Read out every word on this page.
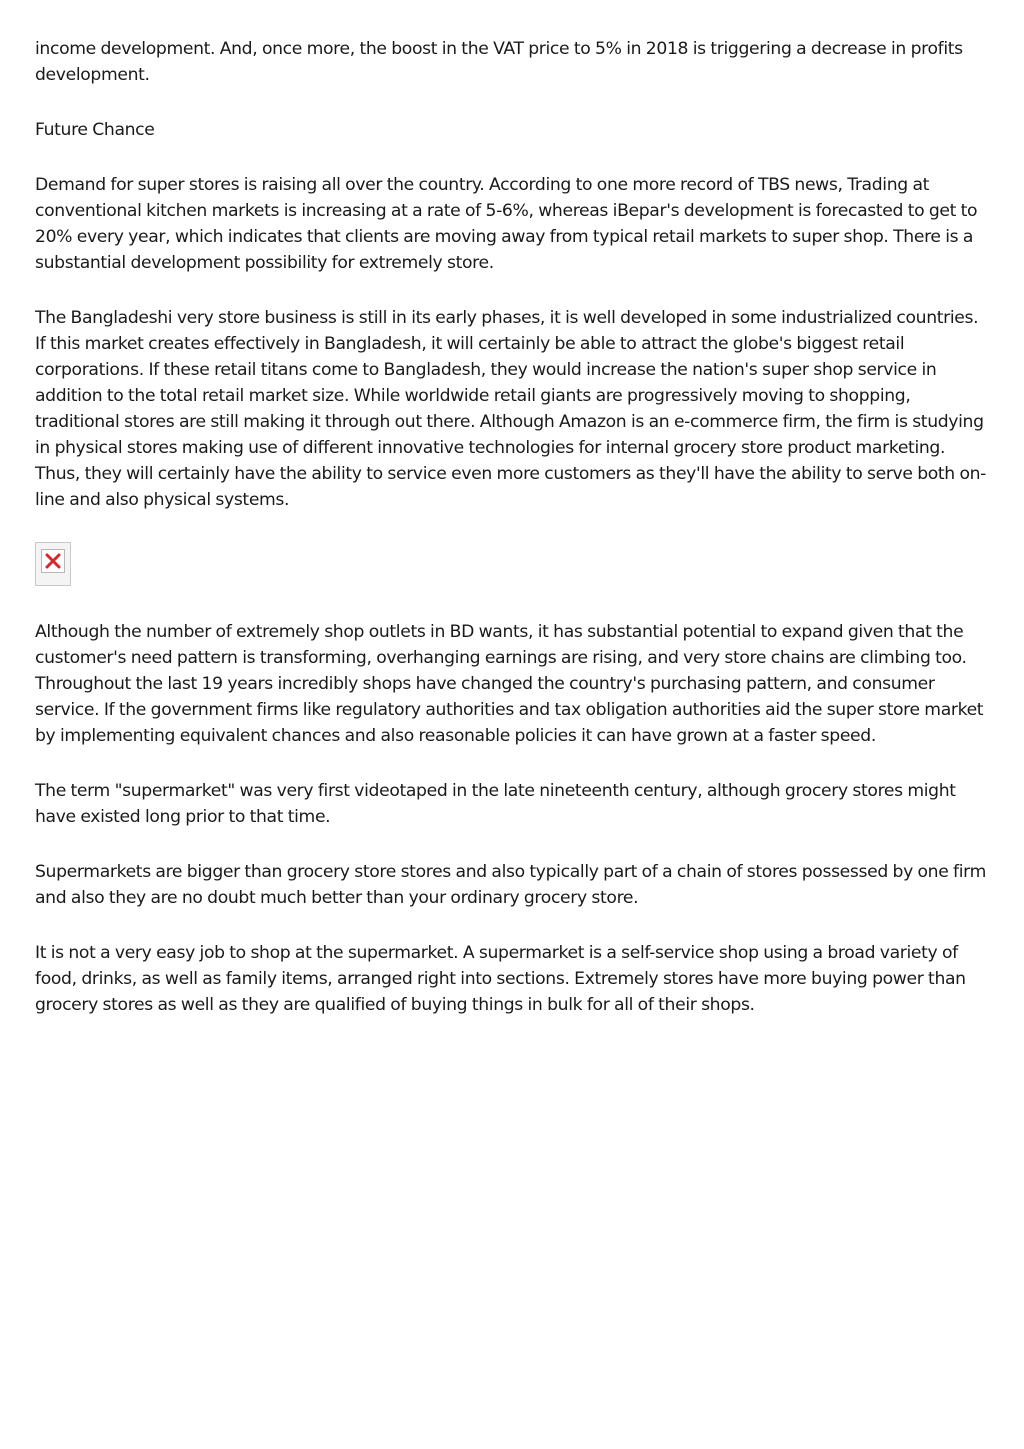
income development. And, once more, the boost in the VAT price to 5% in 2018 is triggering a decrease in profits development.

Future Chance

Demand for super stores is raising all over the country. According to one more record of TBS news, Trading at conventional kitchen markets is increasing at a rate of 5-6%, whereas iBepar's development is forecasted to get to 20% every year, which indicates that clients are moving away from typical retail markets to super shop. There is a substantial development possibility for extremely store.

The Bangladeshi very store business is still in its early phases, it is well developed in some industrialized countries. If this market creates effectively in Bangladesh, it will certainly be able to attract the globe's biggest retail corporations. If these retail titans come to Bangladesh, they would increase the nation's super shop service in addition to the total retail market size. While worldwide retail giants are progressively moving to shopping, traditional stores are still making it through out there. Although Amazon is an e-commerce firm, the firm is studying in physical stores making use of different innovative technologies for internal grocery store product marketing. Thus, they will certainly have the ability to service even more customers as they'll have the ability to serve both on-line and also physical systems.

Although the number of extremely shop outlets in BD wants, it has substantial potential to expand given that the customer's need pattern is transforming, overhanging earnings are rising, and very store chains are climbing too. Throughout the last 19 years incredibly shops have changed the country's purchasing pattern, and consumer service. If the government firms like regulatory authorities and tax obligation authorities aid the super store market by implementing equivalent chances and also reasonable policies it can have grown at a faster speed.

The term "supermarket" was very first videotaped in the late nineteenth century, although grocery stores might have existed long prior to that time.

Supermarkets are bigger than grocery store stores and also typically part of a chain of stores possessed by one firm and also they are no doubt much better than your ordinary grocery store.

It is not a very easy job to shop at the supermarket. A supermarket is a self-service shop using a broad variety of food, drinks, as well as family items, arranged right into sections. Extremely stores have more buying power than grocery stores as well as they are qualified of buying things in bulk for all of their shops.
